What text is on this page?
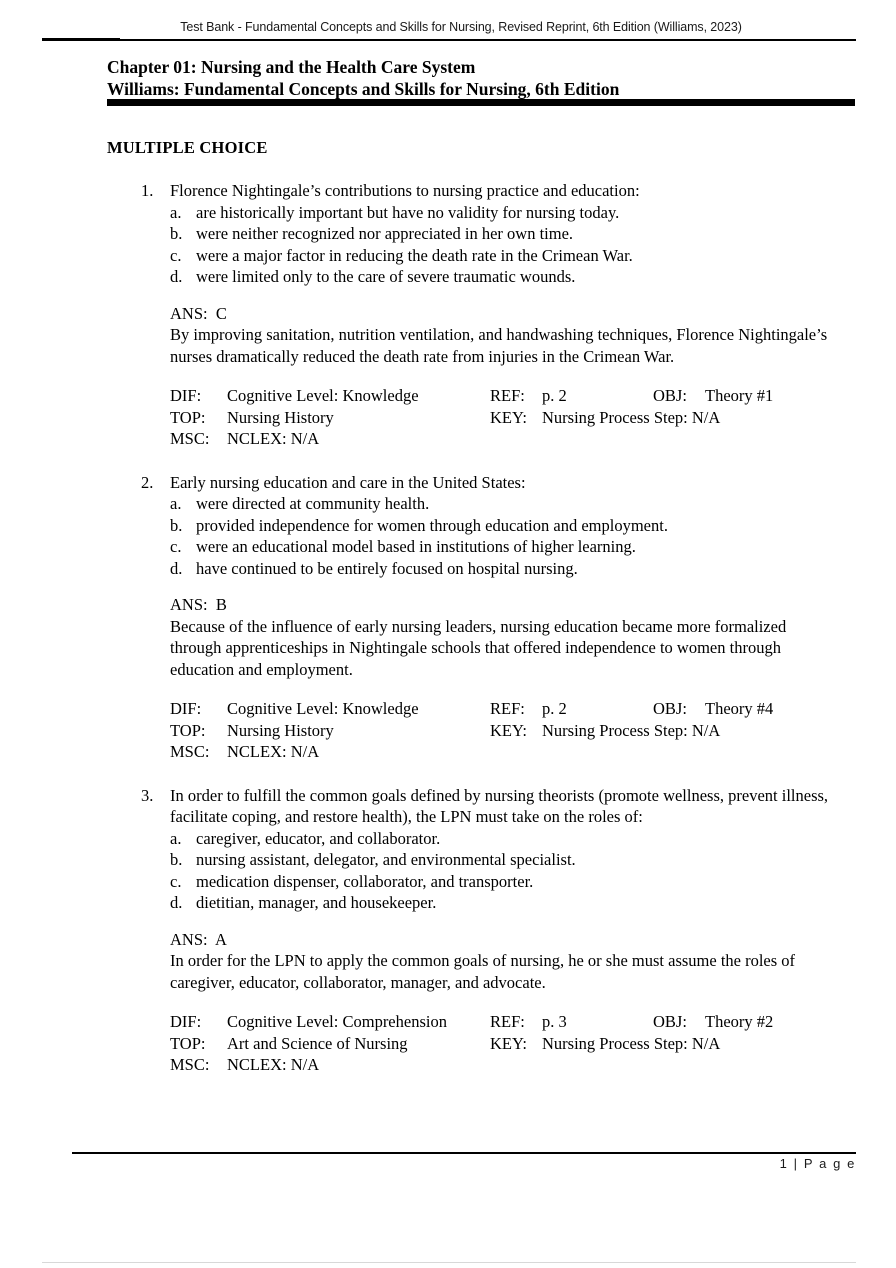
Test Bank - Fundamental Concepts and Skills for Nursing, Revised Reprint, 6th Edition (Williams, 2023)
Chapter 01: Nursing and the Health Care System
Williams: Fundamental Concepts and Skills for Nursing, 6th Edition
MULTIPLE CHOICE
1.	Florence Nightingale’s contributions to nursing practice and education:
a. are historically important but have no validity for nursing today.
b. were neither recognized nor appreciated in her own time.
c. were a major factor in reducing the death rate in the Crimean War.
d. were limited only to the care of severe traumatic wounds.
ANS: C
By improving sanitation, nutrition ventilation, and handwashing techniques, Florence Nightingale’s nurses dramatically reduced the death rate from injuries in the Crimean War.
DIF: Cognitive Level: Knowledge	REF: p. 2	OBJ: Theory #1
TOP: Nursing History	KEY: Nursing Process Step: N/A
MSC: NCLEX: N/A
2.	Early nursing education and care in the United States:
a. were directed at community health.
b. provided independence for women through education and employment.
c. were an educational model based in institutions of higher learning.
d. have continued to be entirely focused on hospital nursing.
ANS: B
Because of the influence of early nursing leaders, nursing education became more formalized through apprenticeships in Nightingale schools that offered independence to women through education and employment.
DIF: Cognitive Level: Knowledge	REF: p. 2	OBJ: Theory #4
TOP: Nursing History	KEY: Nursing Process Step: N/A
MSC: NCLEX: N/A
3.	In order to fulfill the common goals defined by nursing theorists (promote wellness, prevent illness, facilitate coping, and restore health), the LPN must take on the roles of:
a. caregiver, educator, and collaborator.
b. nursing assistant, delegator, and environmental specialist.
c. medication dispenser, collaborator, and transporter.
d. dietitian, manager, and housekeeper.
ANS: A
In order for the LPN to apply the common goals of nursing, he or she must assume the roles of caregiver, educator, collaborator, manager, and advocate.
DIF: Cognitive Level: Comprehension	REF: p. 3	OBJ: Theory #2
TOP: Art and Science of Nursing	KEY: Nursing Process Step: N/A
MSC: NCLEX: N/A
1 | P a g e
